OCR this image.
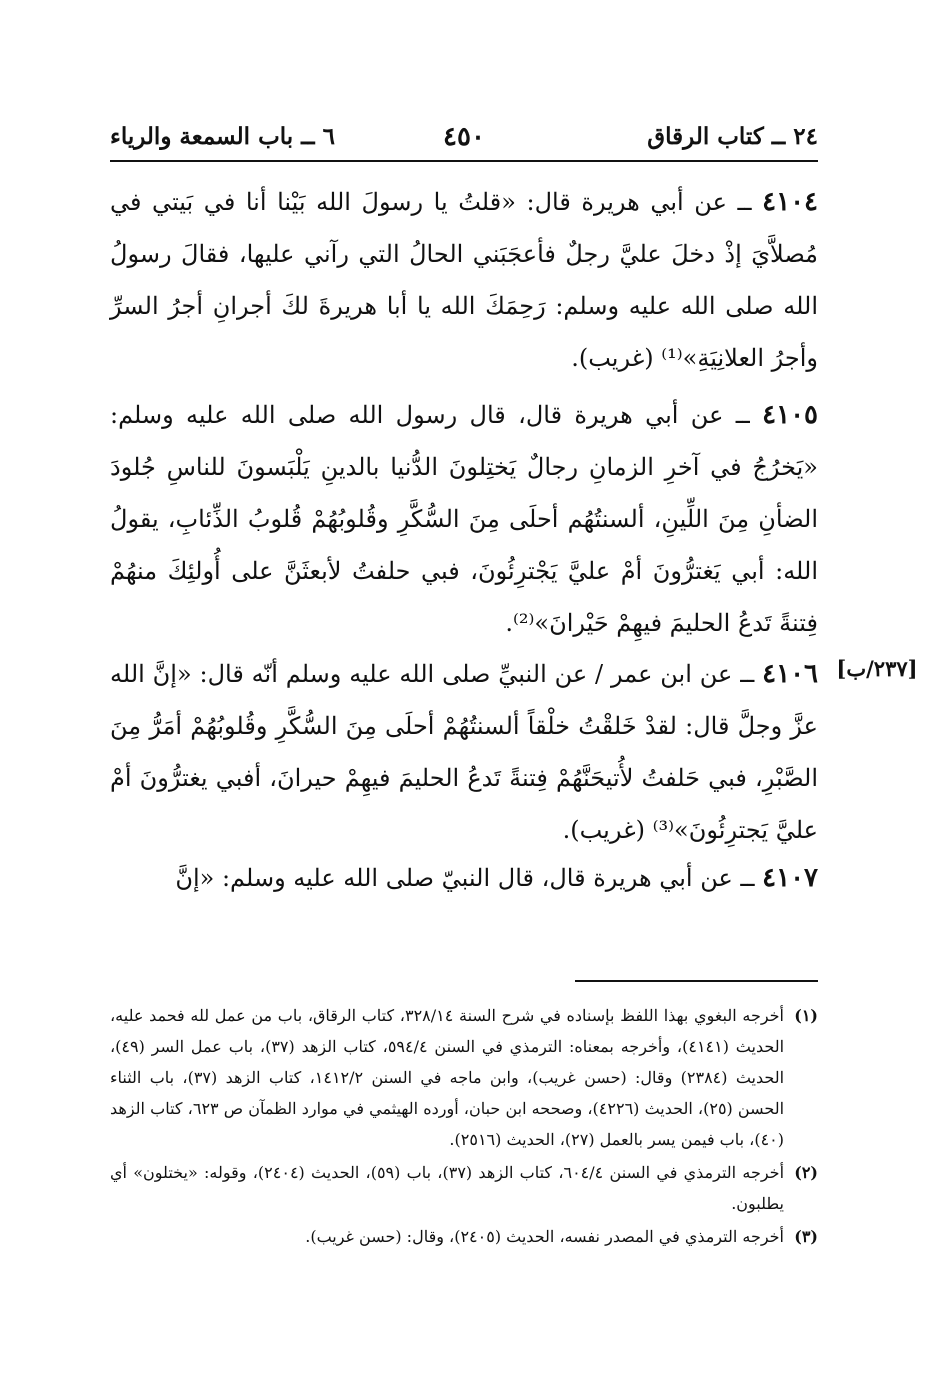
٢٤ ــ كتاب الرقاق
٤٥٠
٦ ــ باب السمعة والرياء
٤١٠٤ ــ عن أبي هريرة قال: «قلتُ يا رسولَ الله بَيْنا أنا في بَيتي في مُصلاَّيَ إذْ دخلَ عليَّ رجلٌ فأعجَبَني الحالُ التي رآني عليها، فقالَ رسولُ الله صلى الله عليه وسلم: رَحِمَكَ الله يا أبا هريرةَ لكَ أجرانِ أجرُ السرِّ وأجرُ العلانِيَةِ»⁽¹⁾ (غريب).
٤١٠٥ ــ عن أبي هريرة قال، قال رسول الله صلى الله عليه وسلم: «يَخرُجُ في آخرِ الزمانِ رجالٌ يَختِلونَ الدُّنيا بالدينِ يَلْبَسونَ للناسِ جُلودَ الضأنِ مِنَ اللِّينِ، ألسنتُهُم أحلَى مِنَ السُّكَّرِ وقُلوبُهُمْ قُلوبُ الذِّئابِ، يقولُ الله: أبي يَغترُّونَ أمْ عليَّ يَجْترِئُونَ، فبي حلفتُ لأبعثَنَّ على أُولئِكَ منهُمْ فِتنةً تَدعُ الحليمَ فيهِمْ حَيْرانَ»⁽²⁾.
[٢٣٧/ب]
٤١٠٦ ــ عن ابن عمر / عن النبيِّ صلى الله عليه وسلم أنّه قال: «إنَّ الله عزَّ وجلَّ قال: لقدْ خَلقْتُ خلْقاً ألسنتُهُمْ أحلَى مِنَ السُّكَّرِ وقُلوبُهُمْ أمَرُّ مِنَ الصَّبْرِ، فبي حَلفتُ لأُتيحَنَّهُمْ فِتنةً تَدعُ الحليمَ فيهِمْ حيرانَ، أفبي يغترُّونَ أمْ عليَّ يَجترِئُونَ»⁽³⁾ (غريب).
٤١٠٧ ــ عن أبي هريرة قال، قال النبيّ صلى الله عليه وسلم: «إنَّ
(١)
أخرجه البغوي بهذا اللفظ بإسناده في شرح السنة ٣٢٨/١٤، كتاب الرقاق، باب من عمل لله فحمد عليه، الحديث (٤١٤١)، وأخرجه بمعناه: الترمذي في السنن ٥٩٤/٤، كتاب الزهد (٣٧)، باب عمل السر (٤٩)، الحديث (٢٣٨٤) وقال: (حسن غريب)، وابن ماجه في السنن ١٤١٢/٢، كتاب الزهد (٣٧)، باب الثناء الحسن (٢٥)، الحديث (٤٢٢٦)، وصححه ابن حبان، أورده الهيثمي في موارد الظمآن ص ٦٢٣، كتاب الزهد (٤٠)، باب فيمن يسر بالعمل (٢٧)، الحديث (٢٥١٦).
(٢)
أخرجه الترمذي في السنن ٦٠٤/٤، كتاب الزهد (٣٧)، باب (٥٩)، الحديث (٢٤٠٤)، وقوله: «يختلون» أي يطلبون.
(٣)
أخرجه الترمذي في المصدر نفسه، الحديث (٢٤٠٥)، وقال: (حسن غريب).
